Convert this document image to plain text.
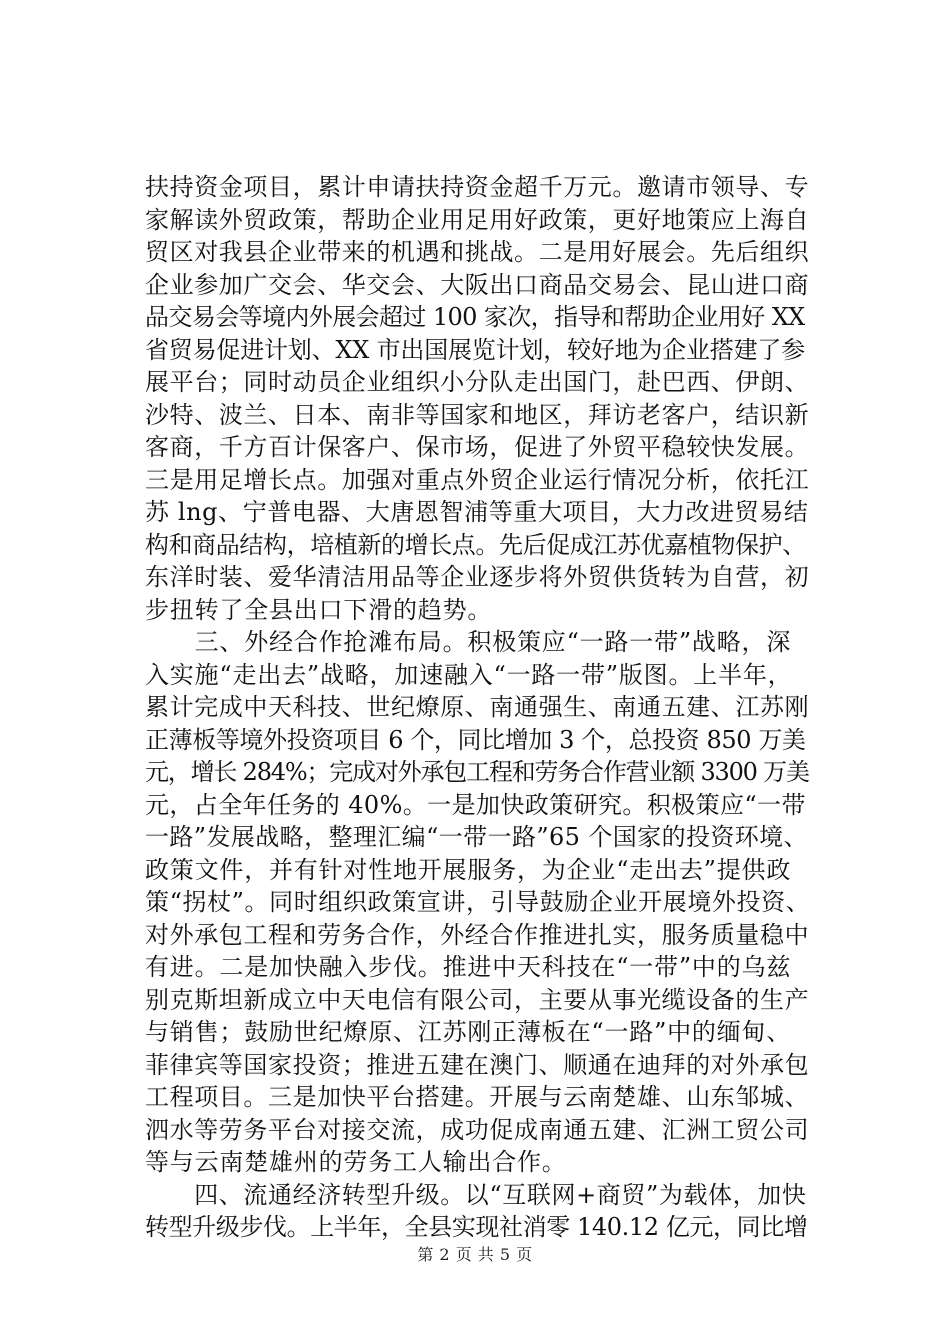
扶持资金项目，累计申请扶持资金超千万元。邀请市领导、专
家解读外贸政策，帮助企业用足用好政策，更好地策应上海自
贸区对我县企业带来的机遇和挑战。二是用好展会。先后组织
企业参加广交会、华交会、大阪出口商品交易会、昆山进口商
品交易会等境内外展会超过 100 家次，指导和帮助企业用好 XX
省贸易促进计划、XX 市出国展览计划，较好地为企业搭建了参
展平台；同时动员企业组织小分队走出国门，赴巴西、伊朗、
沙特、波兰、日本、南非等国家和地区，拜访老客户，结识新
客商，千方百计保客户、保市场，促进了外贸平稳较快发展。
三是用足增长点。加强对重点外贸企业运行情况分析，依托江
苏 lng、宁普电器、大唐恩智浦等重大项目，大力改进贸易结
构和商品结构，培植新的增长点。先后促成江苏优嘉植物保护、
东洋时装、爱华清洁用品等企业逐步将外贸供货转为自营，初
步扭转了全县出口下滑的趋势。
　　三、外经合作抢滩布局。积极策应“一路一带”战略，深
入实施“走出去”战略，加速融入“一路一带”版图。上半年，
累计完成中天科技、世纪燎原、南通强生、南通五建、江苏刚
正薄板等境外投资项目 6 个，同比增加 3 个，总投资 850 万美
元，增长 284%；完成对外承包工程和劳务合作营业额 3300 万美
元，占全年任务的 40%。一是加快政策研究。积极策应“一带
一路”发展战略，整理汇编“一带一路”65 个国家的投资环境、
政策文件，并有针对性地开展服务，为企业“走出去”提供政
策“拐杖”。同时组织政策宣讲，引导鼓励企业开展境外投资、
对外承包工程和劳务合作，外经合作推进扎实，服务质量稳中
有进。二是加快融入步伐。推进中天科技在“一带”中的乌兹
别克斯坦新成立中天电信有限公司，主要从事光缆设备的生产
与销售；鼓励世纪燎原、江苏刚正薄板在“一路”中的缅甸、
菲律宾等国家投资；推进五建在澳门、顺通在迪拜的对外承包
工程项目。三是加快平台搭建。开展与云南楚雄、山东邹城、
泗水等劳务平台对接交流，成功促成南通五建、汇洲工贸公司
等与云南楚雄州的劳务工人输出合作。
　　四、流通经济转型升级。以“互联网+商贸”为载体，加快
转型升级步伐。上半年，全县实现社消零 140.12 亿元，同比增
第 2 页 共 5 页
